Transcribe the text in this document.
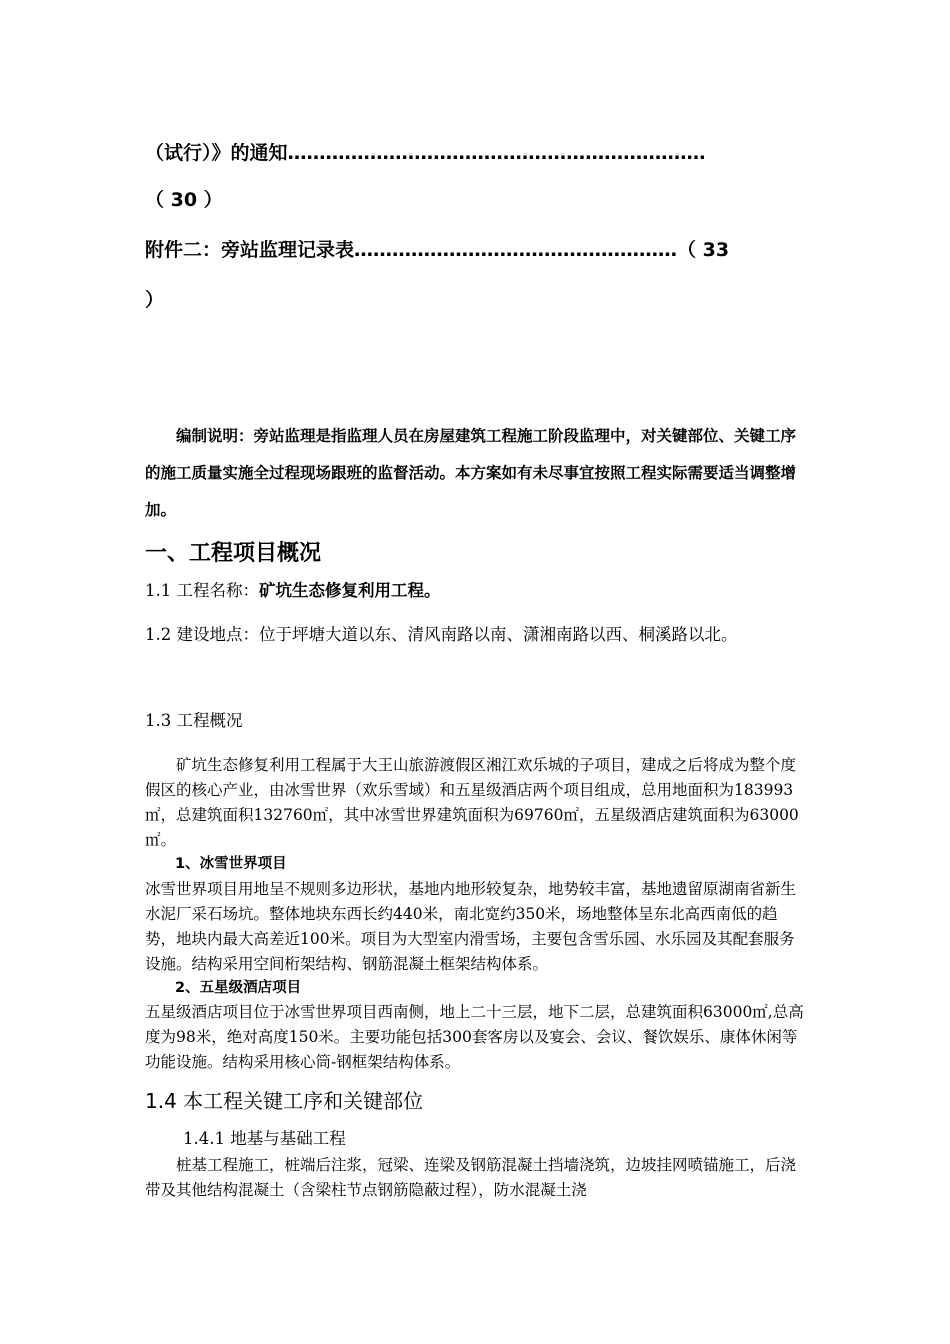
（试行）》的通知…………………………………………………………
（ 30 ）
附件二：旁站监理记录表……………………………………………（ 33
）
编制说明：旁站监理是指监理人员在房屋建筑工程施工阶段监理中，对关键部位、关键工序的施工质量实施全过程现场跟班的监督活动。本方案如有未尽事宜按照工程实际需要适当调整增加。
一、工程项目概况
1.1 工程名称：矿坑生态修复利用工程。
1.2 建设地点：位于坪塘大道以东、清风南路以南、潇湘南路以西、桐溪路以北。
1.3 工程概况
矿坑生态修复利用工程属于大王山旅游渡假区湘江欢乐城的子项目，建成之后将成为整个度假区的核心产业，由冰雪世界（欢乐雪域）和五星级酒店两个项目组成，总用地面积为183993㎡，总建筑面积132760㎡，其中冰雪世界建筑面积为69760㎡，五星级酒店建筑面积为63000㎡。
1、冰雪世界项目
冰雪世界项目用地呈不规则多边形状，基地内地形较复杂，地势较丰富，基地遗留原湖南省新生水泥厂采石场坑。整体地块东西长约440米，南北宽约350米，场地整体呈东北高西南低的趋势，地块内最大高差近100米。项目为大型室内滑雪场，主要包含雪乐园、水乐园及其配套服务设施。结构采用空间桁架结构、钢筋混凝土框架结构体系。
2、五星级酒店项目
五星级酒店项目位于冰雪世界项目西南侧，地上二十三层，地下二层，总建筑面积63000㎡,总高度为98米，绝对高度150米。主要功能包括300套客房以及宴会、会议、餐饮娱乐、康体休闲等功能设施。结构采用核心筒-钢框架结构体系。
1.4 本工程关键工序和关键部位
1.4.1 地基与基础工程
桩基工程施工，桩端后注浆，冠梁、连梁及钢筋混凝土挡墙浇筑，边坡挂网喷锚施工，后浇带及其他结构混凝土（含梁柱节点钢筋隐蔽过程），防水混凝土浇
